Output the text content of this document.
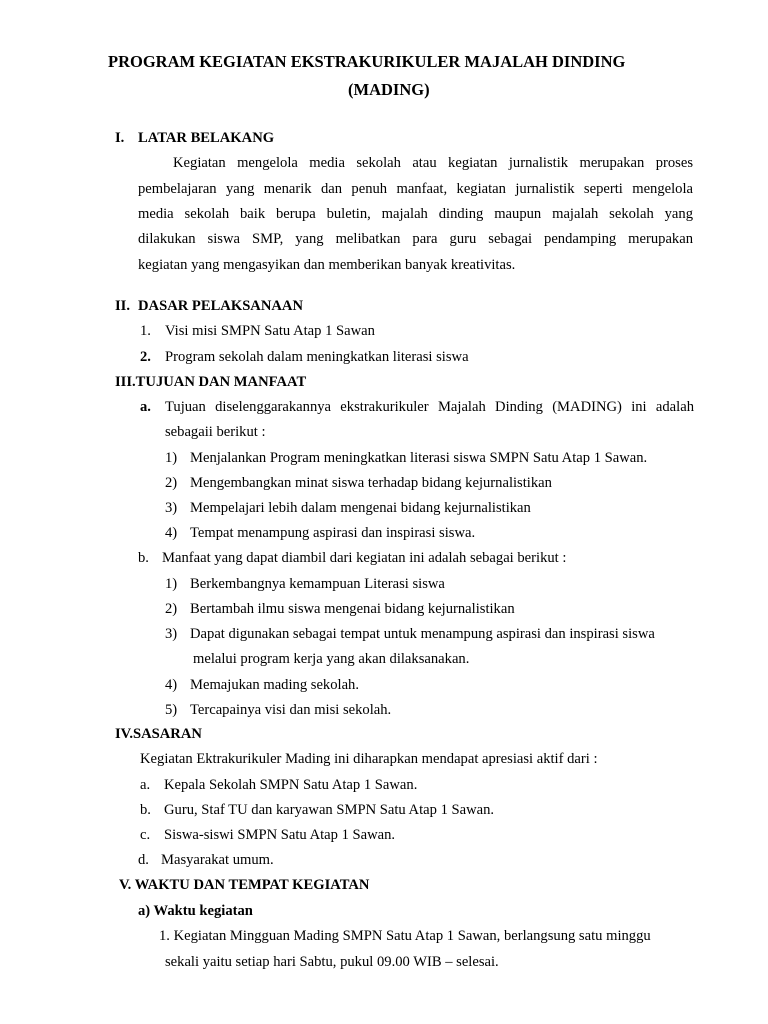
PROGRAM KEGIATAN EKSTRAKURIKULER MAJALAH DINDING
(MADING)
I. LATAR BELAKANG
Kegiatan mengelola media sekolah atau kegiatan jurnalistik merupakan proses
pembelajaran yang menarik dan penuh manfaat, kegiatan jurnalistik seperti mengelola
media sekolah baik berupa buletin, majalah dinding maupun majalah sekolah yang
dilakukan siswa SMP, yang melibatkan para guru sebagai pendamping merupakan
kegiatan yang mengasyikan dan memberikan banyak kreativitas.
II. DASAR PELAKSANAAN
1. Visi misi SMPN Satu Atap 1 Sawan
2. Program sekolah dalam meningkatkan literasi siswa
III.TUJUAN DAN MANFAAT
a. Tujuan diselenggarakannya ekstrakurikuler Majalah Dinding (MADING) ini adalah
sebagaii berikut :
1) Menjalankan Program meningkatkan literasi siswa SMPN Satu Atap 1 Sawan.
2) Mengembangkan minat siswa terhadap bidang kejurnalistikan
3) Mempelajari lebih dalam mengenai bidang kejurnalistikan
4) Tempat menampung aspirasi dan inspirasi siswa.
b. Manfaat yang dapat diambil dari kegiatan ini adalah sebagai berikut :
1) Berkembangnya kemampuan Literasi siswa
2) Bertambah ilmu siswa mengenai bidang kejurnalistikan
3) Dapat digunakan sebagai tempat untuk menampung aspirasi dan inspirasi siswa
melalui program kerja yang akan dilaksanakan.
4) Memajukan mading sekolah.
5) Tercapainya visi dan misi sekolah.
IV.SASARAN
Kegiatan Ektrakurikuler Mading ini diharapkan mendapat apresiasi aktif dari :
a. Kepala Sekolah SMPN Satu Atap 1 Sawan.
b. Guru, Staf TU dan karyawan SMPN Satu Atap 1 Sawan.
c. Siswa-siswi SMPN Satu Atap 1 Sawan.
d. Masyarakat umum.
V. WAKTU DAN TEMPAT KEGIATAN
a) Waktu kegiatan
1. Kegiatan Mingguan Mading SMPN Satu Atap 1 Sawan, berlangsung satu minggu
sekali yaitu setiap hari Sabtu, pukul 09.00 WIB – selesai.
